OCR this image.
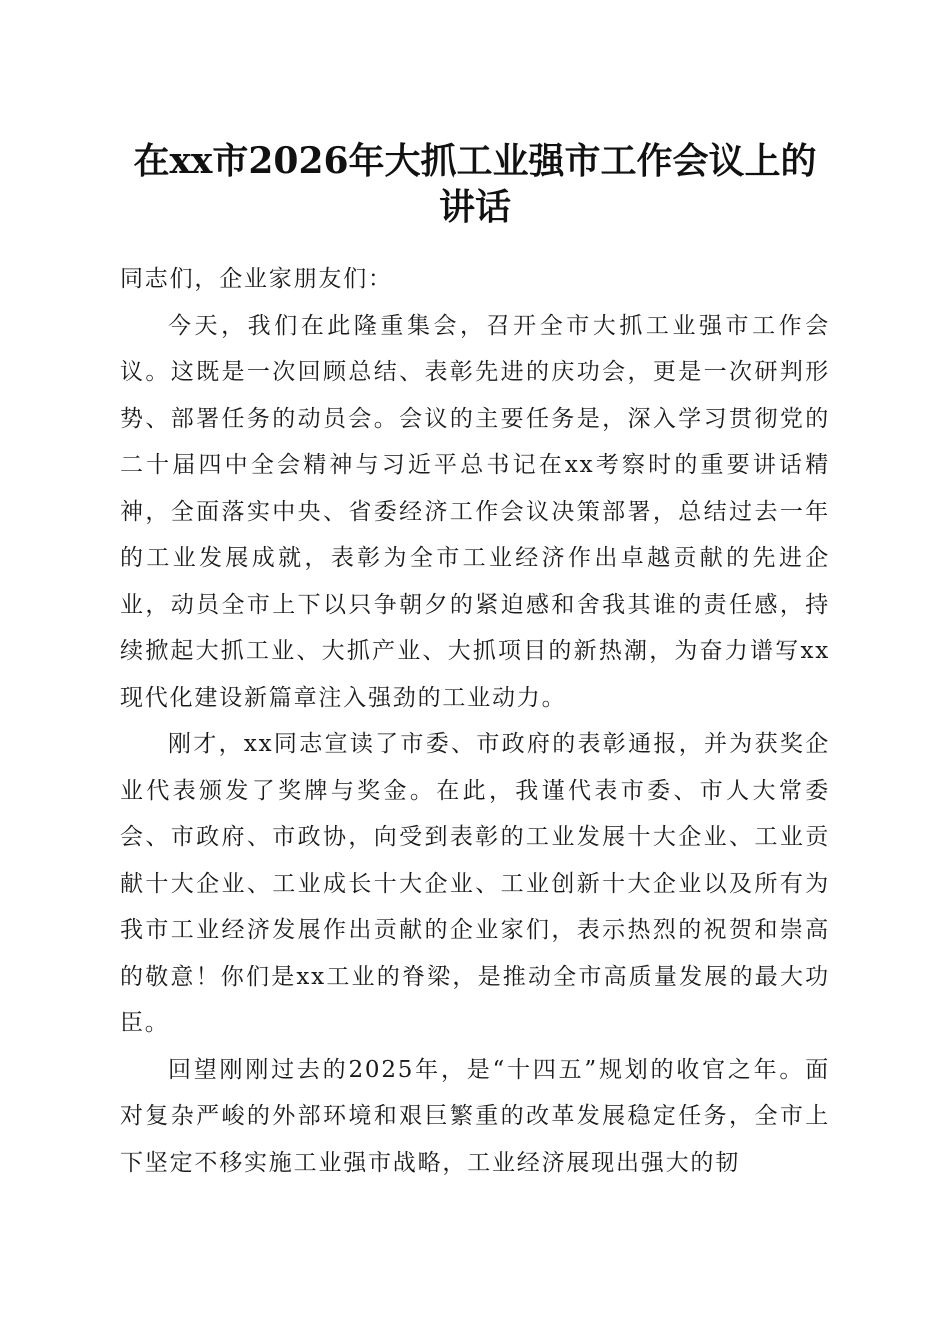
在xx市2026年大抓工业强市工作会议上的讲话

同志们，企业家朋友们：

今天，我们在此隆重集会，召开全市大抓工业强市工作会议。这既是一次回顾总结、表彰先进的庆功会，更是一次研判形势、部署任务的动员会。会议的主要任务是，深入学习贯彻党的二十届四中全会精神与习近平总书记在xx考察时的重要讲话精神，全面落实中央、省委经济工作会议决策部署，总结过去一年的工业发展成就，表彰为全市工业经济作出卓越贡献的先进企业，动员全市上下以只争朝夕的紧迫感和舍我其谁的责任感，持续掀起大抓工业、大抓产业、大抓项目的新热潮，为奋力谱写xx现代化建设新篇章注入强劲的工业动力。

刚才，xx同志宣读了市委、市政府的表彰通报，并为获奖企业代表颁发了奖牌与奖金。在此，我谨代表市委、市人大常委会、市政府、市政协，向受到表彰的工业发展十大企业、工业贡献十大企业、工业成长十大企业、工业创新十大企业以及所有为我市工业经济发展作出贡献的企业家们，表示热烈的祝贺和崇高的敬意！你们是xx工业的脊梁，是推动全市高质量发展的最大功臣。

回望刚刚过去的2025年，是“十四五”规划的收官之年。面对复杂严峻的外部环境和艰巨繁重的改革发展稳定任务，全市上下坚定不移实施工业强市战略，工业经济展现出强大的韧
